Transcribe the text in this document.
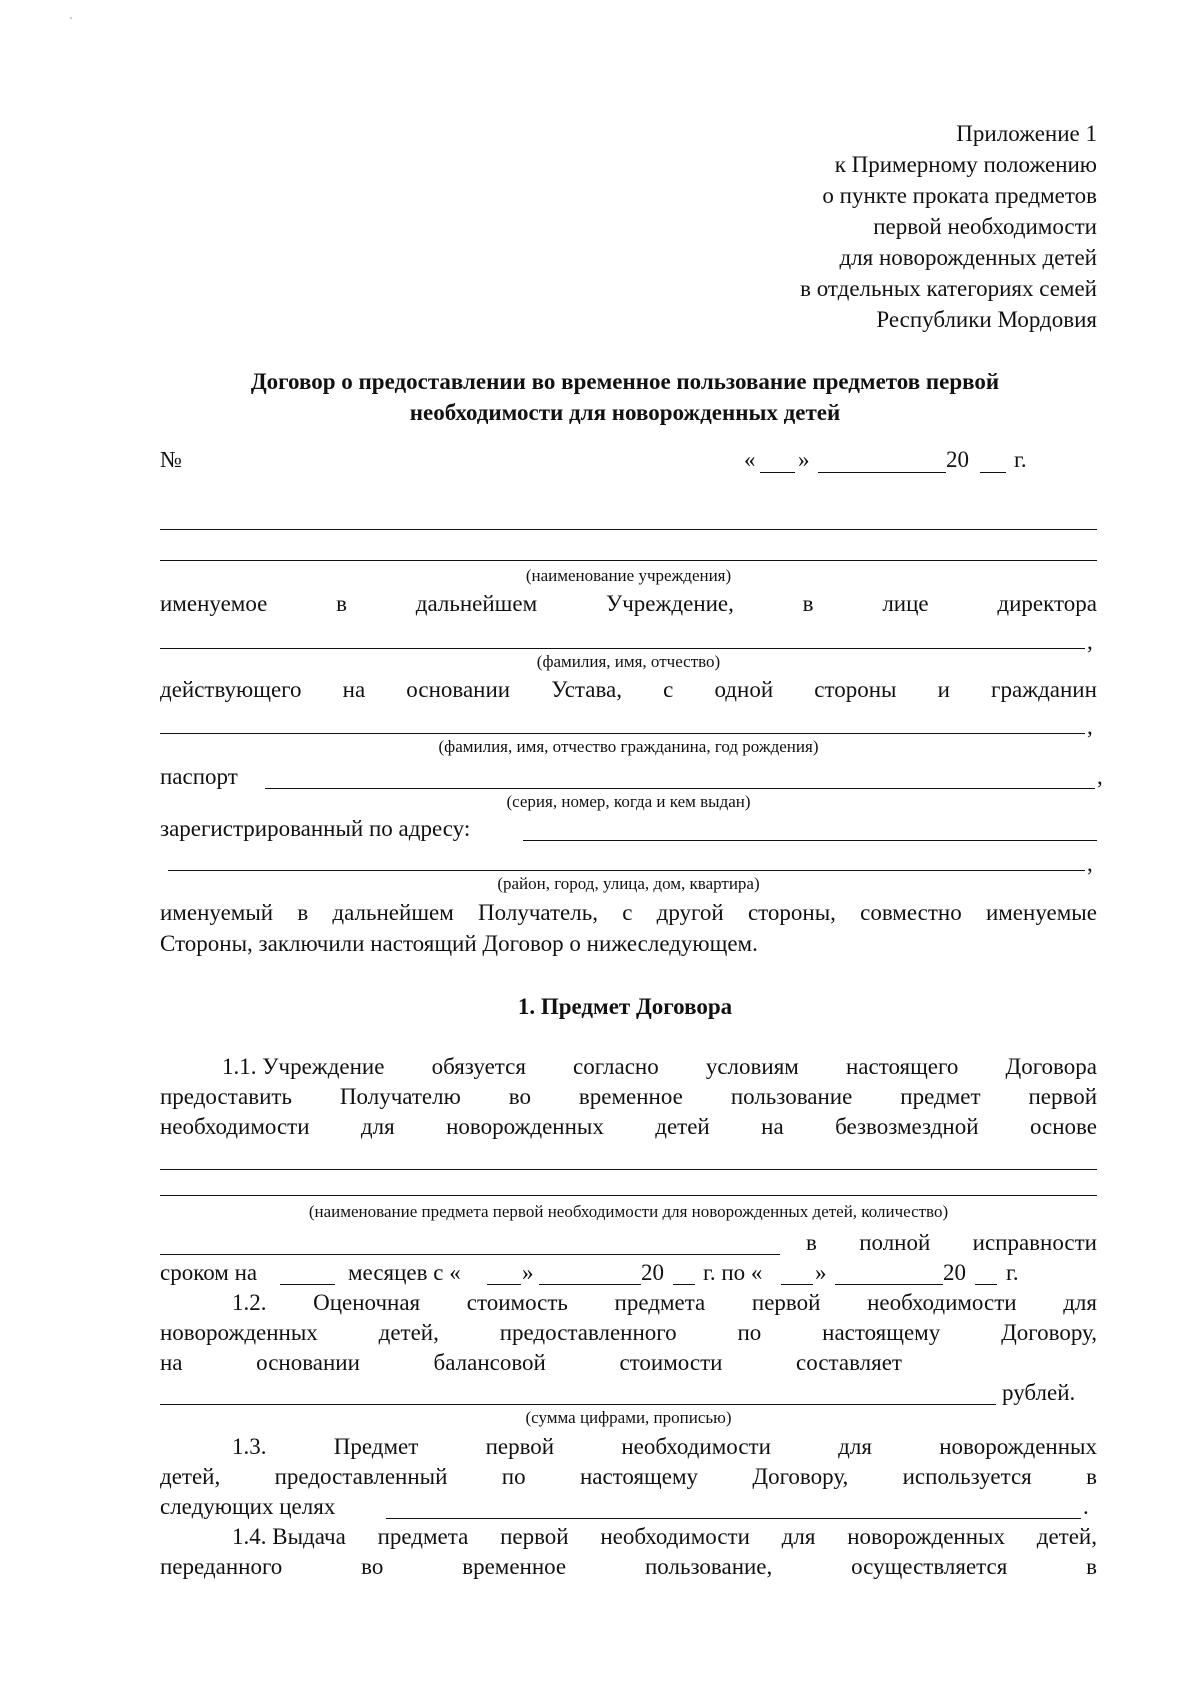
Приложение 1
к Примерному положению
о пункте проката предметов
первой необходимости
для новорожденных детей
в отдельных категориях семей
Республики Мордовия
Договор о предоставлении во временное пользование предметов первой
необходимости для новорожденных детей
№	« »	20 г.
(наименование учреждения)
именуемое	в	дальнейшем	Учреждение,	в	лице	директора
,
(фамилия, имя, отчество)
действующего на основании Устава, с одной стороны и гражданин
,
(фамилия, имя, отчество гражданина, год рождения)
паспорт	,
(серия, номер, когда и кем выдан)
зарегистрированный по адресу:
,
(район, город, улица, дом, квартира)
именуемый в дальнейшем Получатель, с другой стороны, совместно именуемые
Стороны, заключили настоящий Договор о нижеследующем.
1. Предмет Договора
1.1. Учреждение обязуется согласно условиям настоящего Договора
предоставить Получателю во временное пользование предмет первой
необходимости для новорожденных детей на безвозмездной основе
(наименование предмета первой необходимости для новорожденных детей, количество)
в полной исправности
сроком на	месяцев с «	»	20 г. по « »	20 г.
1.2. Оценочная стоимость предмета первой необходимости для
новорожденных	детей,	предоставленного	по	настоящему	Договору,
на	основании	балансовой	стоимости	составляет
рублей.
(сумма цифрами, прописью)
1.3.	Предмет	первой	необходимости	для	новорожденных
детей, предоставленный по настоящему Договору, используется в
следующих целях	.
1.4. Выдача предмета первой необходимости для новорожденных детей,
переданного	во	временное	пользование,	осуществляется	в
